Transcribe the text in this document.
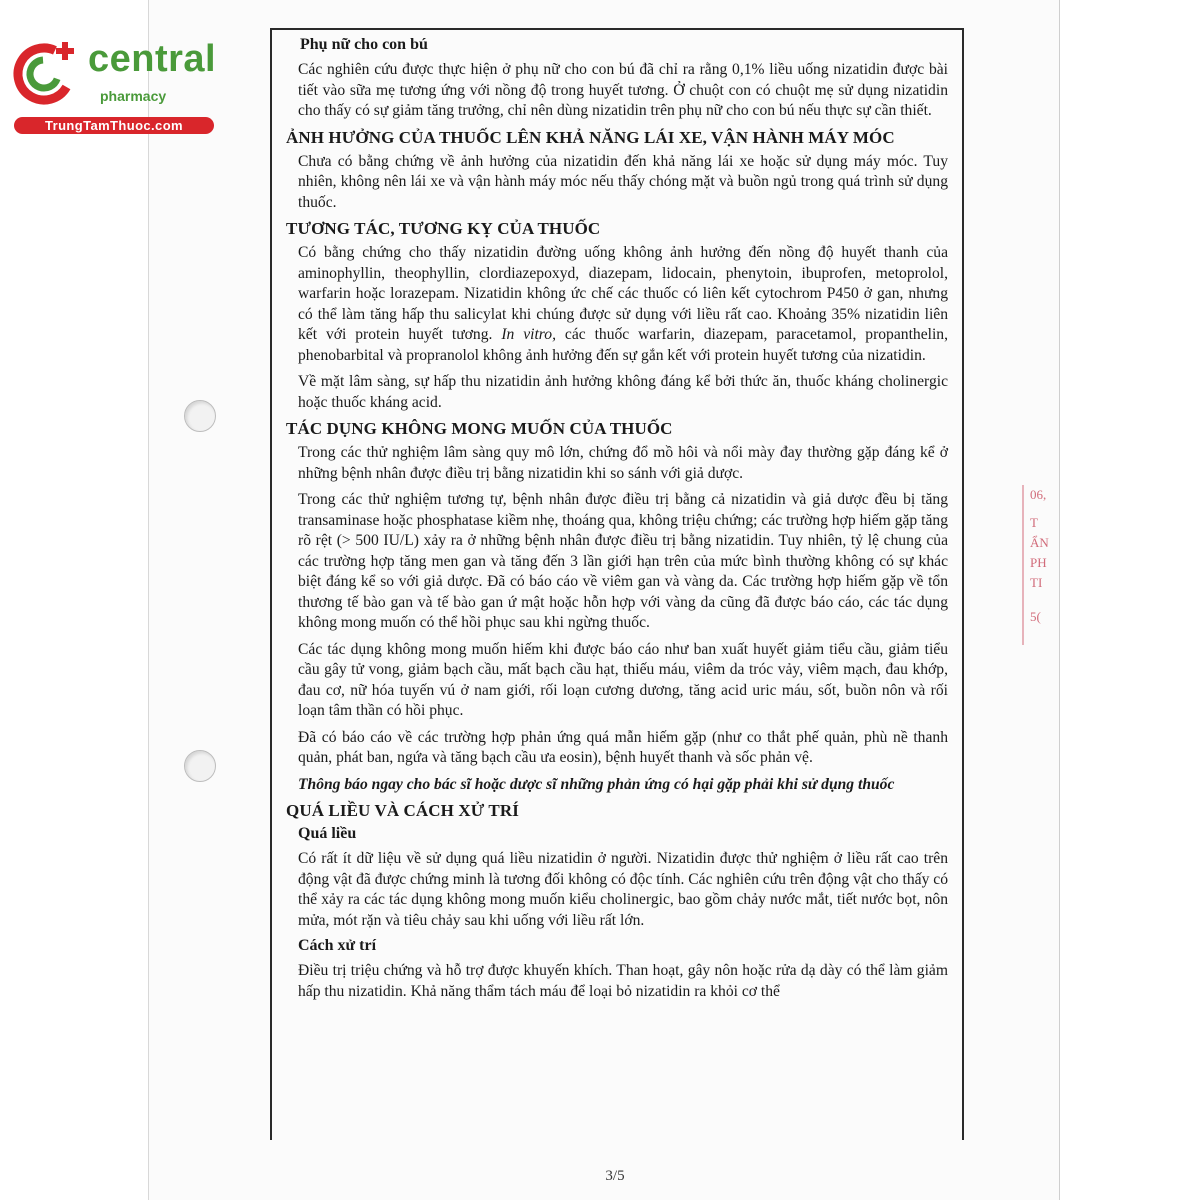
central
pharmacy
TrungTamThuoc.com
06,
T
ẨN
PH
TI
5(
Phụ nữ cho con bú

Các nghiên cứu được thực hiện ở phụ nữ cho con bú đã chỉ ra rằng 0,1% liều uống nizatidin được bài tiết vào sữa mẹ tương ứng với nồng độ trong huyết tương. Ở chuột con có chuột mẹ sử dụng nizatidin cho thấy có sự giảm tăng trưởng, chỉ nên dùng nizatidin trên phụ nữ cho con bú nếu thực sự cần thiết.

ẢNH HƯỞNG CỦA THUỐC LÊN KHẢ NĂNG LÁI XE, VẬN HÀNH MÁY MÓC

Chưa có bằng chứng về ảnh hưởng của nizatidin đến khả năng lái xe hoặc sử dụng máy móc. Tuy nhiên, không nên lái xe và vận hành máy móc nếu thấy chóng mặt và buồn ngủ trong quá trình sử dụng thuốc.

TƯƠNG TÁC, TƯƠNG KỴ CỦA THUỐC

Có bằng chứng cho thấy nizatidin đường uống không ảnh hưởng đến nồng độ huyết thanh của aminophyllin, theophyllin, clordiazepoxyd, diazepam, lidocain, phenytoin, ibuprofen, metoprolol, warfarin hoặc lorazepam. Nizatidin không ức chế các thuốc có liên kết cytochrom P450 ở gan, nhưng có thể làm tăng hấp thu salicylat khi chúng được sử dụng với liều rất cao. Khoảng 35% nizatidin liên kết với protein huyết tương. In vitro, các thuốc warfarin, diazepam, paracetamol, propanthelin, phenobarbital và propranolol không ảnh hưởng đến sự gắn kết với protein huyết tương của nizatidin.

Về mặt lâm sàng, sự hấp thu nizatidin ảnh hưởng không đáng kể bởi thức ăn, thuốc kháng cholinergic hoặc thuốc kháng acid.

TÁC DỤNG KHÔNG MONG MUỐN CỦA THUỐC

Trong các thử nghiệm lâm sàng quy mô lớn, chứng đổ mồ hôi và nổi mày đay thường gặp đáng kể ở những bệnh nhân được điều trị bằng nizatidin khi so sánh với giả dược.

Trong các thử nghiệm tương tự, bệnh nhân được điều trị bằng cả nizatidin và giả dược đều bị tăng transaminase hoặc phosphatase kiềm nhẹ, thoáng qua, không triệu chứng; các trường hợp hiếm gặp tăng rõ rệt (> 500 IU/L) xảy ra ở những bệnh nhân được điều trị bằng nizatidin. Tuy nhiên, tỷ lệ chung của các trường hợp tăng men gan và tăng đến 3 lần giới hạn trên của mức bình thường không có sự khác biệt đáng kể so với giả dược. Đã có báo cáo về viêm gan và vàng da. Các trường hợp hiếm gặp về tổn thương tế bào gan và tế bào gan ứ mật hoặc hỗn hợp với vàng da cũng đã được báo cáo, các tác dụng không mong muốn có thể hồi phục sau khi ngừng thuốc.

Các tác dụng không mong muốn hiếm khi được báo cáo như ban xuất huyết giảm tiểu cầu, giảm tiểu cầu gây tử vong, giảm bạch cầu, mất bạch cầu hạt, thiếu máu, viêm da tróc vảy, viêm mạch, đau khớp, đau cơ, nữ hóa tuyến vú ở nam giới, rối loạn cương dương, tăng acid uric máu, sốt, buồn nôn và rối loạn tâm thần có hồi phục.

Đã có báo cáo về các trường hợp phản ứng quá mẫn hiếm gặp (như co thắt phế quản, phù nề thanh quản, phát ban, ngứa và tăng bạch cầu ưa eosin), bệnh huyết thanh và sốc phản vệ.

Thông báo ngay cho bác sĩ hoặc dược sĩ những phản ứng có hại gặp phải khi sử dụng thuốc

QUÁ LIỀU VÀ CÁCH XỬ TRÍ
Quá liều

Có rất ít dữ liệu về sử dụng quá liều nizatidin ở người. Nizatidin được thử nghiệm ở liều rất cao trên động vật đã được chứng minh là tương đối không có độc tính. Các nghiên cứu trên động vật cho thấy có thể xảy ra các tác dụng không mong muốn kiểu cholinergic, bao gồm chảy nước mắt, tiết nước bọt, nôn mửa, mót rặn và tiêu chảy sau khi uống với liều rất lớn.

Cách xử trí

Điều trị triệu chứng và hỗ trợ được khuyến khích. Than hoạt, gây nôn hoặc rửa dạ dày có thể làm giảm hấp thu nizatidin. Khả năng thẩm tách máu để loại bỏ nizatidin ra khỏi cơ thể

3/5
